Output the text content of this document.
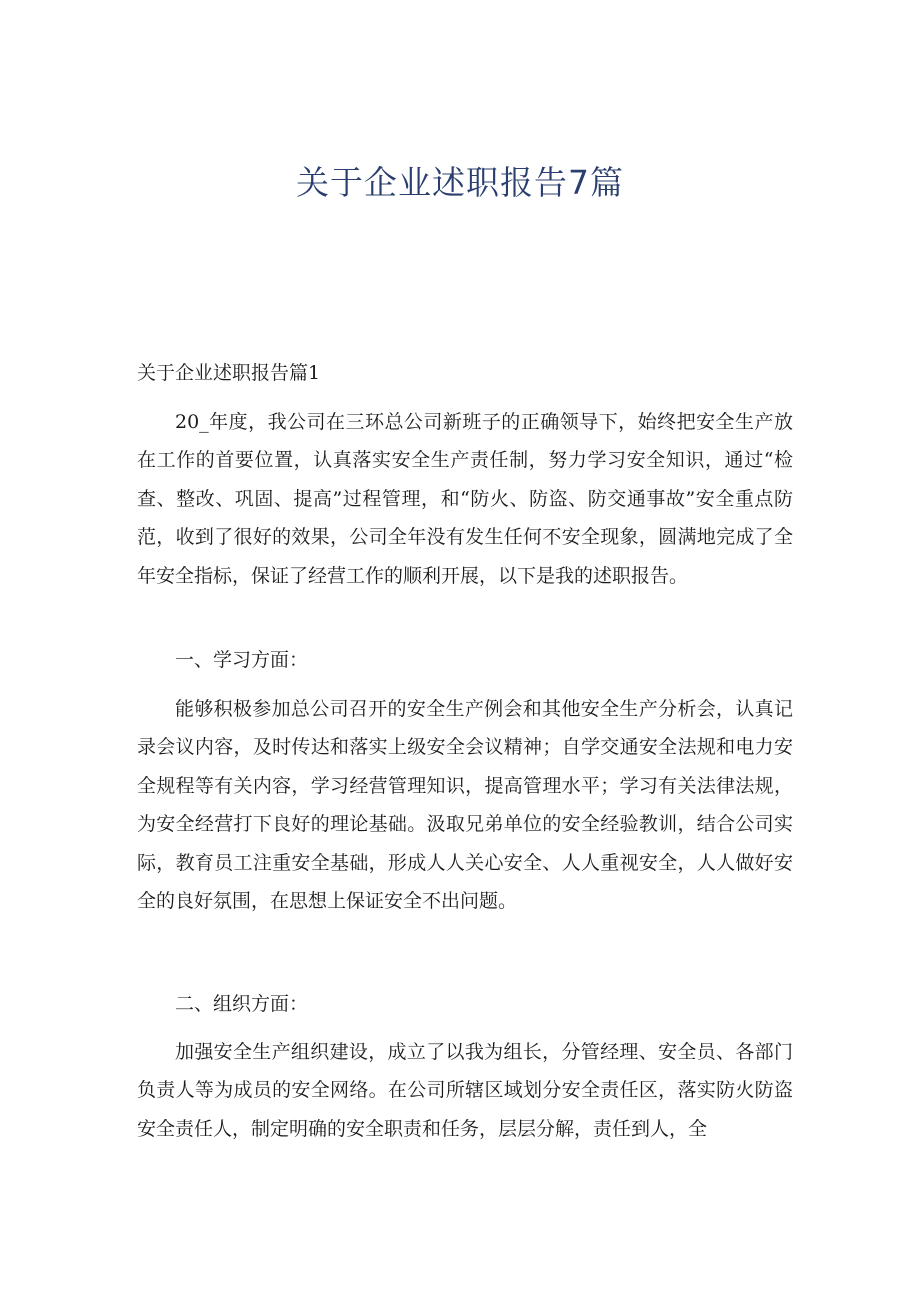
关于企业述职报告7篇
关于企业述职报告篇1

20_年度，我公司在三环总公司新班子的正确领导下，始终把安全生产放在工作的首要位置，认真落实安全生产责任制，努力学习安全知识，通过“检查、整改、巩固、提高”过程管理，和“防火、防盗、防交通事故”安全重点防范，收到了很好的效果，公司全年没有发生任何不安全现象，圆满地完成了全年安全指标，保证了经营工作的顺利开展，以下是我的述职报告。

一、学习方面：

能够积极参加总公司召开的安全生产例会和其他安全生产分析会，认真记录会议内容，及时传达和落实上级安全会议精神；自学交通安全法规和电力安全规程等有关内容，学习经营管理知识，提高管理水平；学习有关法律法规，为安全经营打下良好的理论基础。汲取兄弟单位的安全经验教训，结合公司实际，教育员工注重安全基础，形成人人关心安全、人人重视安全，人人做好安全的良好氛围，在思想上保证安全不出问题。

二、组织方面：

加强安全生产组织建设，成立了以我为组长，分管经理、安全员、各部门负责人等为成员的安全网络。在公司所辖区域划分安全责任区，落实防火防盗安全责任人，制定明确的安全职责和任务，层层分解，责任到人，全
